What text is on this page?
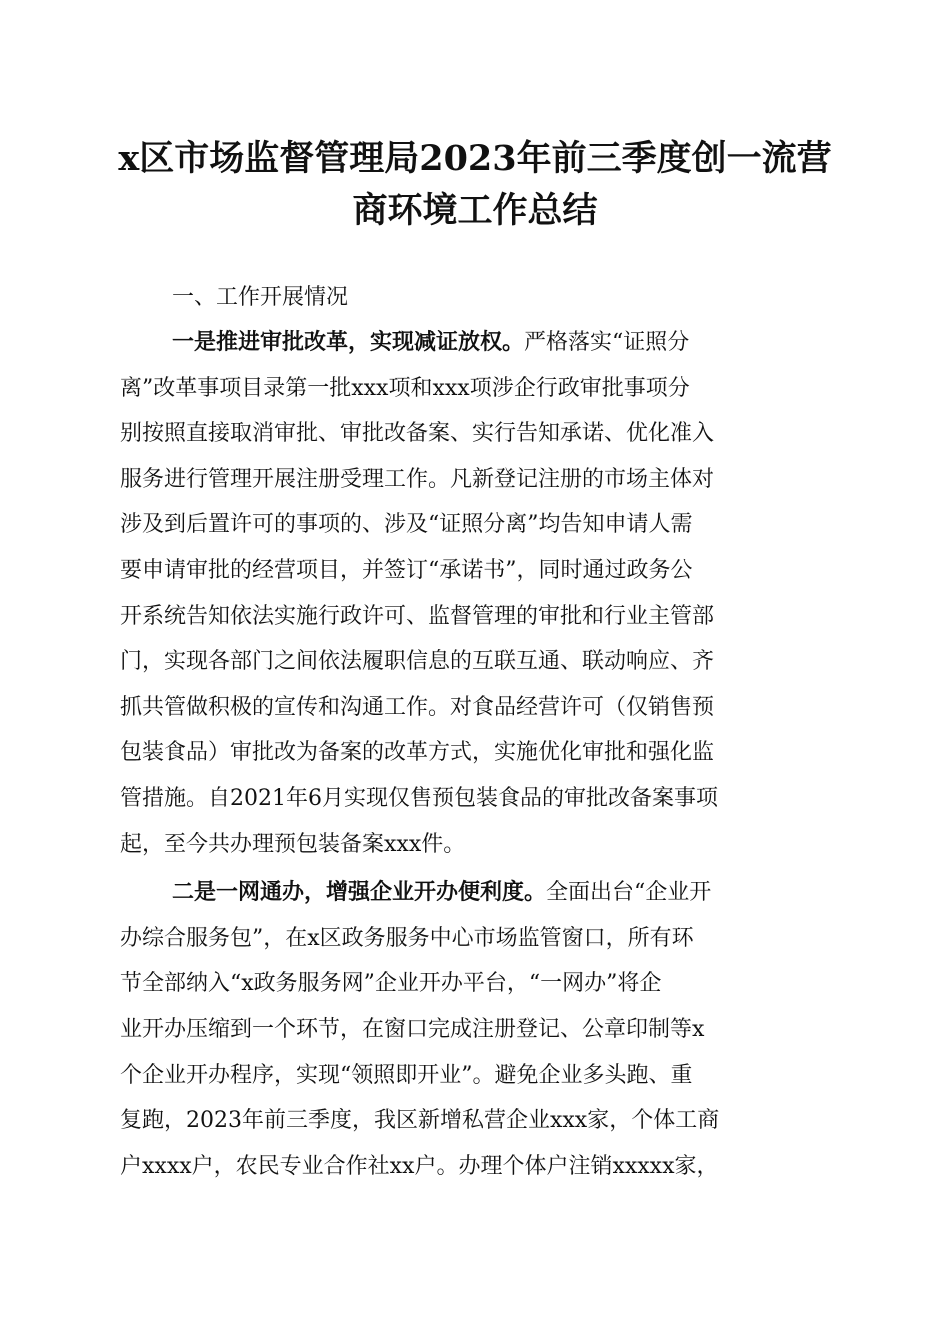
x区市场监督管理局2023年前三季度创一流营
商环境工作总结
一、工作开展情况
一是推进审批改革，实现减证放权。严格落实“证照分
离”改革事项目录第一批xxx项和xxx项涉企行政审批事项分
别按照直接取消审批、审批改备案、实行告知承诺、优化准入
服务进行管理开展注册受理工作。凡新登记注册的市场主体对
涉及到后置许可的事项的、涉及“证照分离”均告知申请人需
要申请审批的经营项目，并签订“承诺书”，同时通过政务公
开系统告知依法实施行政许可、监督管理的审批和行业主管部
门，实现各部门之间依法履职信息的互联互通、联动响应、齐
抓共管做积极的宣传和沟通工作。对食品经营许可（仅销售预
包装食品）审批改为备案的改革方式，实施优化审批和强化监
管措施。自2021年6月实现仅售预包装食品的审批改备案事项
起，至今共办理预包装备案xxx件。
二是一网通办，增强企业开办便利度。全面出台“企业开
办综合服务包”，在x区政务服务中心市场监管窗口，所有环
节全部纳入“x政务服务网”企业开办平台，“一网办”将企
业开办压缩到一个环节，在窗口完成注册登记、公章印制等x
个企业开办程序，实现“领照即开业”。避免企业多头跑、重
复跑，2023年前三季度，我区新增私营企业xxx家，个体工商
户xxxx户，农民专业合作社xx户。办理个体户注销xxxxx家，
